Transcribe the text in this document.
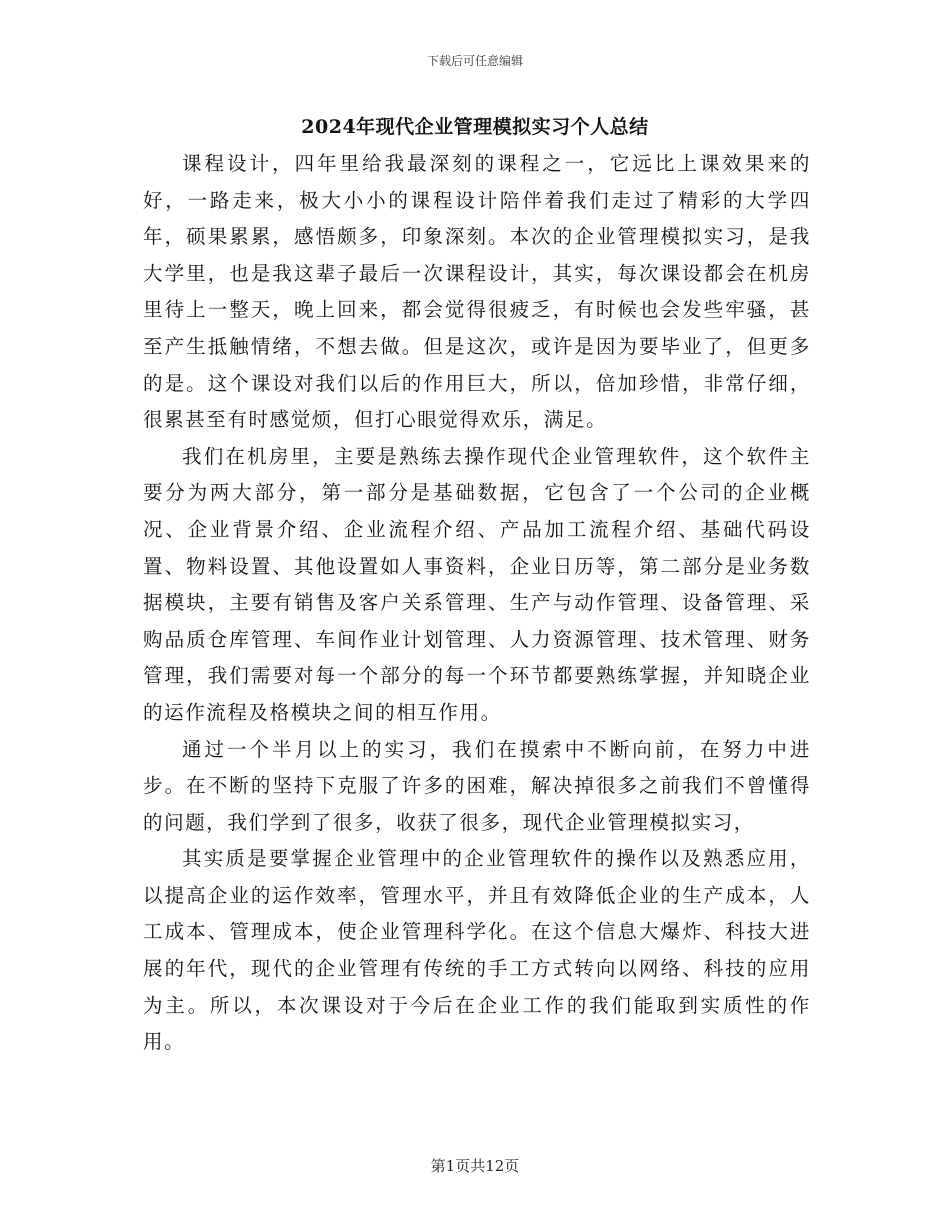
下载后可任意编辑
2024年现代企业管理模拟实习个人总结

课程设计，四年里给我最深刻的课程之一，它远比上课效果来的好，一路走来，极大小小的课程设计陪伴着我们走过了精彩的大学四年，硕果累累，感悟颇多，印象深刻。本次的企业管理模拟实习，是我大学里，也是我这辈子最后一次课程设计，其实，每次课设都会在机房里待上一整天，晚上回来，都会觉得很疲乏，有时候也会发些牢骚，甚至产生抵触情绪，不想去做。但是这次，或许是因为要毕业了，但更多的是。这个课设对我们以后的作用巨大，所以，倍加珍惜，非常仔细，很累甚至有时感觉烦，但打心眼觉得欢乐，满足。

我们在机房里，主要是熟练去操作现代企业管理软件，这个软件主要分为两大部分，第一部分是基础数据，它包含了一个公司的企业概况、企业背景介绍、企业流程介绍、产品加工流程介绍、基础代码设置、物料设置、其他设置如人事资料，企业日历等，第二部分是业务数据模块，主要有销售及客户关系管理、生产与动作管理、设备管理、采购品质仓库管理、车间作业计划管理、人力资源管理、技术管理、财务管理，我们需要对每一个部分的每一个环节都要熟练掌握，并知晓企业的运作流程及格模块之间的相互作用。

通过一个半月以上的实习，我们在摸索中不断向前，在努力中进步。在不断的坚持下克服了许多的困难，解决掉很多之前我们不曾懂得的问题，我们学到了很多，收获了很多，现代企业管理模拟实习，

其实质是要掌握企业管理中的企业管理软件的操作以及熟悉应用，以提高企业的运作效率，管理水平，并且有效降低企业的生产成本，人工成本、管理成本，使企业管理科学化。在这个信息大爆炸、科技大进展的年代，现代的企业管理有传统的手工方式转向以网络、科技的应用为主。所以，本次课设对于今后在企业工作的我们能取到实质性的作用。

第1页共12页
